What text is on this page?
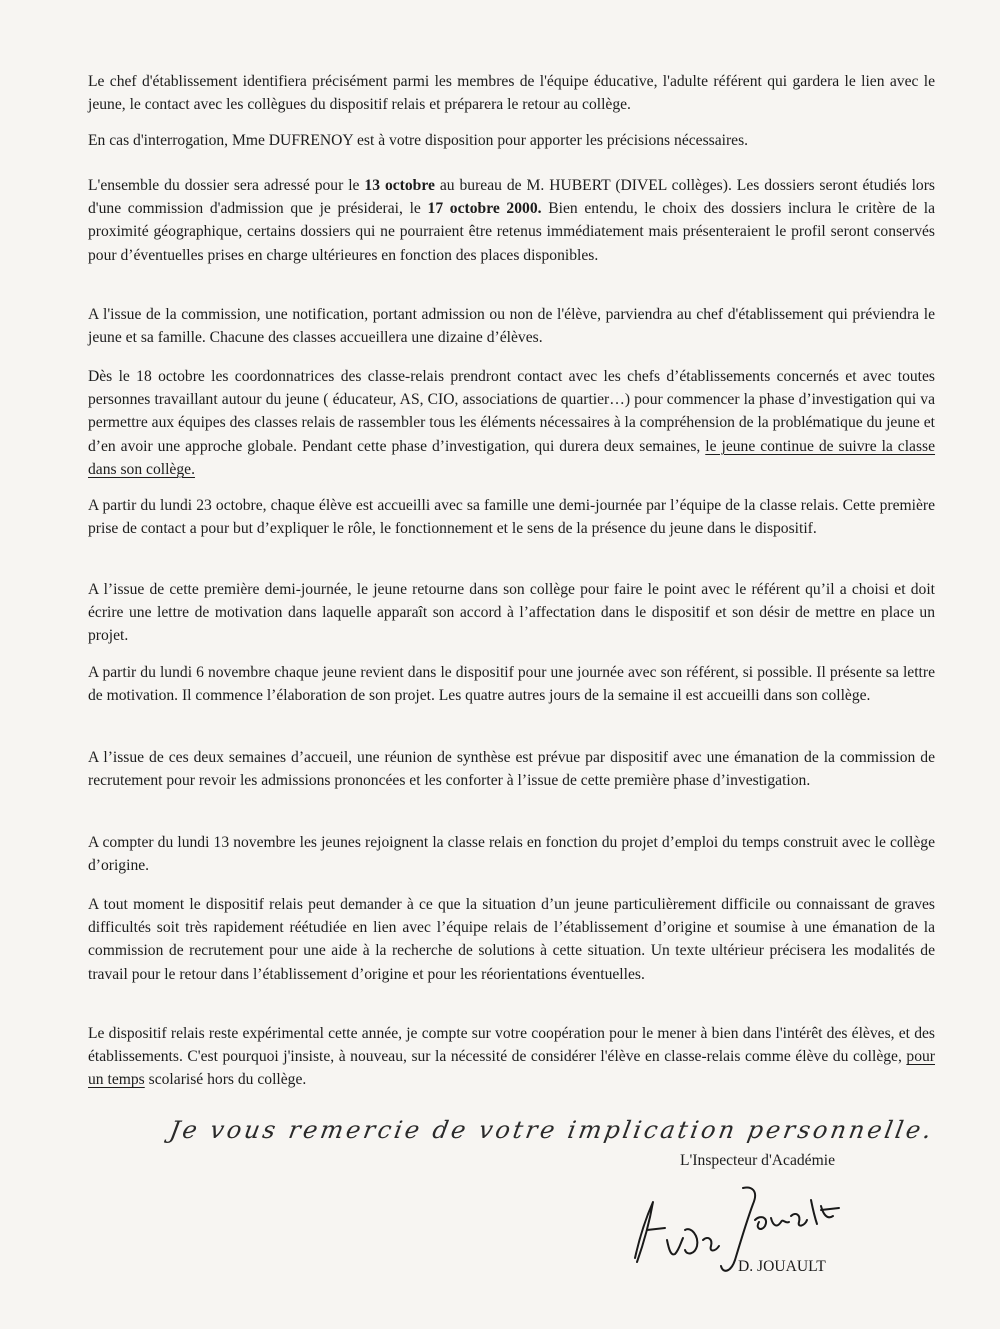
Le chef d'établissement identifiera précisément parmi les membres de l'équipe éducative, l'adulte référent qui gardera le lien avec le jeune, le contact avec les collègues du dispositif relais et préparera le retour au collège.

En cas d'interrogation, Mme DUFRENOY est à votre disposition pour apporter les précisions nécessaires.

L'ensemble du dossier sera adressé pour le 13 octobre au bureau de M. HUBERT (DIVEL collèges). Les dossiers seront étudiés lors d'une commission d'admission que je présiderai, le 17 octobre 2000. Bien entendu, le choix des dossiers inclura le critère de la proximité géographique, certains dossiers qui ne pourraient être retenus immédiatement mais présenteraient le profil seront conservés pour d’éventuelles prises en charge ultérieures en fonction des places disponibles.

A l'issue de la commission, une notification, portant admission ou non de l'élève, parviendra au chef d'établissement qui préviendra le jeune et sa famille. Chacune des classes accueillera une dizaine d’élèves.

Dès le 18 octobre les coordonnatrices des classe-relais prendront contact avec les chefs d’établissements concernés et avec toutes personnes travaillant autour du jeune ( éducateur, AS, CIO, associations de quartier…) pour commencer la phase d’investigation qui va permettre aux équipes des classes relais de rassembler tous les éléments nécessaires à la compréhension de la problématique du jeune et d’en avoir une approche globale. Pendant cette phase d’investigation, qui durera deux semaines, le jeune continue de suivre la classe dans son collège.

A partir du lundi 23 octobre, chaque élève est accueilli avec sa famille une demi-journée par l’équipe de la classe relais. Cette première prise de contact a pour but d’expliquer le rôle, le fonctionnement et le sens de la présence du jeune dans le dispositif.

A l’issue de cette première demi-journée, le jeune retourne dans son collège pour faire le point avec le référent qu’il a choisi et doit écrire une lettre de motivation dans laquelle apparaît son accord à l’affectation dans le dispositif et son désir de mettre en place un projet.

A partir du lundi 6 novembre chaque jeune revient dans le dispositif pour une journée avec son référent, si possible. Il présente sa lettre de motivation. Il commence l’élaboration de son projet. Les quatre autres jours de la semaine il est accueilli dans son collège.

A l’issue de ces deux semaines d’accueil, une réunion de synthèse est prévue par dispositif avec une émanation de la commission de recrutement pour revoir les admissions prononcées et les conforter à l’issue de cette première phase d’investigation.

A compter du lundi 13 novembre les jeunes rejoignent la classe relais en fonction du projet d’emploi du temps construit avec le collège d’origine.

A tout moment le dispositif relais peut demander à ce que la situation d’un jeune particulièrement difficile ou connaissant de graves difficultés soit très rapidement réétudiée en lien avec l’équipe relais de l’établissement d’origine et soumise à une émanation de la commission de recrutement pour une aide à la recherche de solutions à cette situation. Un texte ultérieur précisera les modalités de travail pour le retour dans l’établissement d’origine et pour les réorientations éventuelles.

Le dispositif relais reste expérimental cette année, je compte sur votre coopération pour le mener à bien dans l'intérêt des élèves, et des établissements. C'est pourquoi j'insiste, à nouveau, sur la nécessité de considérer l'élève en classe-relais comme élève du collège, pour un temps scolarisé hors du collège.

Je vous remercie de votre implication personnelle.
L'Inspecteur d'Académie
D. JOUAULT
